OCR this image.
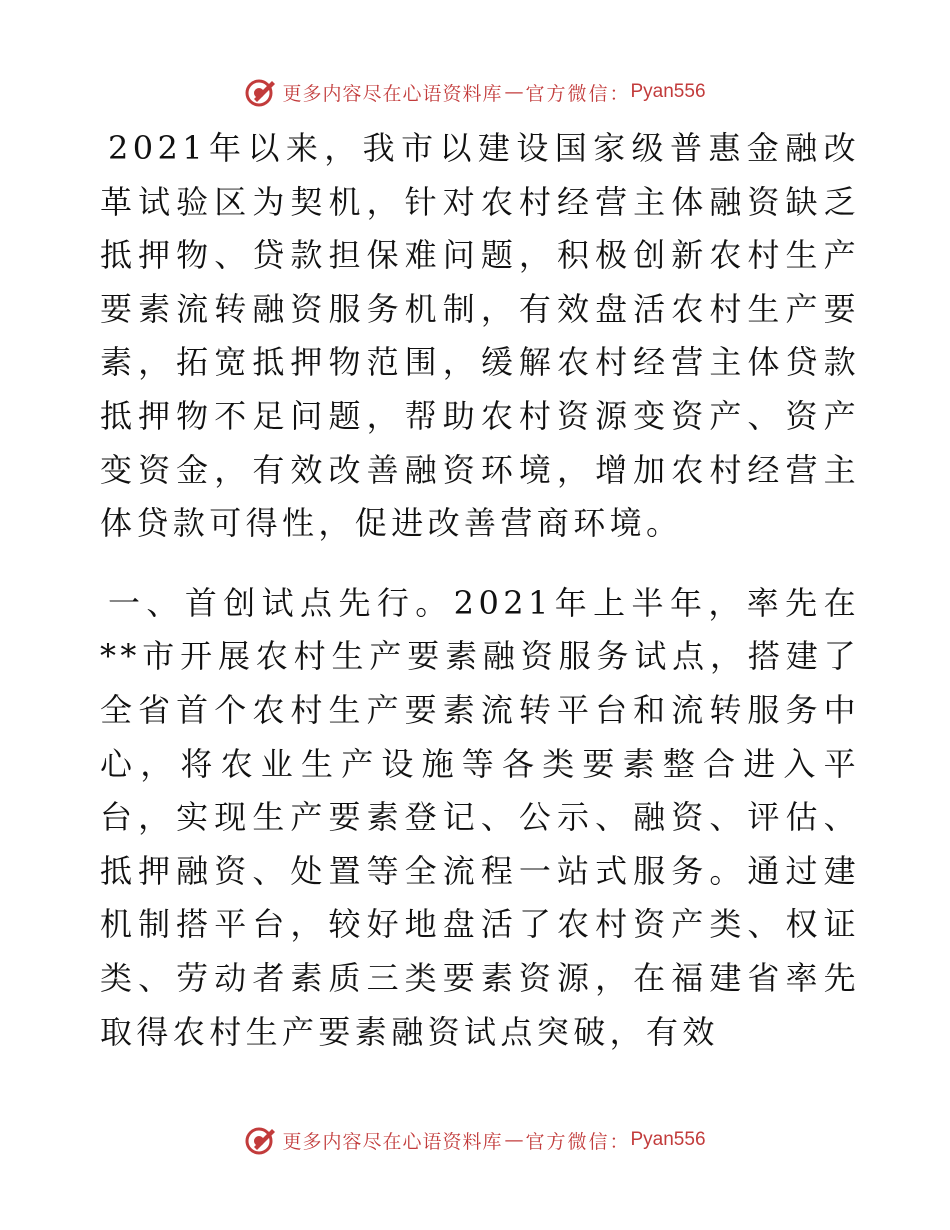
更多内容尽在心语资料库 — 官方微信： Pyan556

2021年以来，我市以建设国家级普惠金融改革试验区为契机，针对农村经营主体融资缺乏抵押物、贷款担保难问题，积极创新农村生产要素流转融资服务机制，有效盘活农村生产要素，拓宽抵押物范围，缓解农村经营主体贷款抵押物不足问题，帮助农村资源变资产、资产变资金，有效改善融资环境，增加农村经营主体贷款可得性，促进改善营商环境。

一、首创试点先行。2021年上半年，率先在**市开展农村生产要素融资服务试点，搭建了全省首个农村生产要素流转平台和流转服务中心，将农业生产设施等各类要素整合进入平台，实现生产要素登记、公示、融资、评估、抵押融资、处置等全流程一站式服务。通过建机制搭平台，较好地盘活了农村资产类、权证类、劳动者素质三类要素资源，在福建省率先取得农村生产要素融资试点突破，有效

更多内容尽在心语资料库 — 官方微信： Pyan556
